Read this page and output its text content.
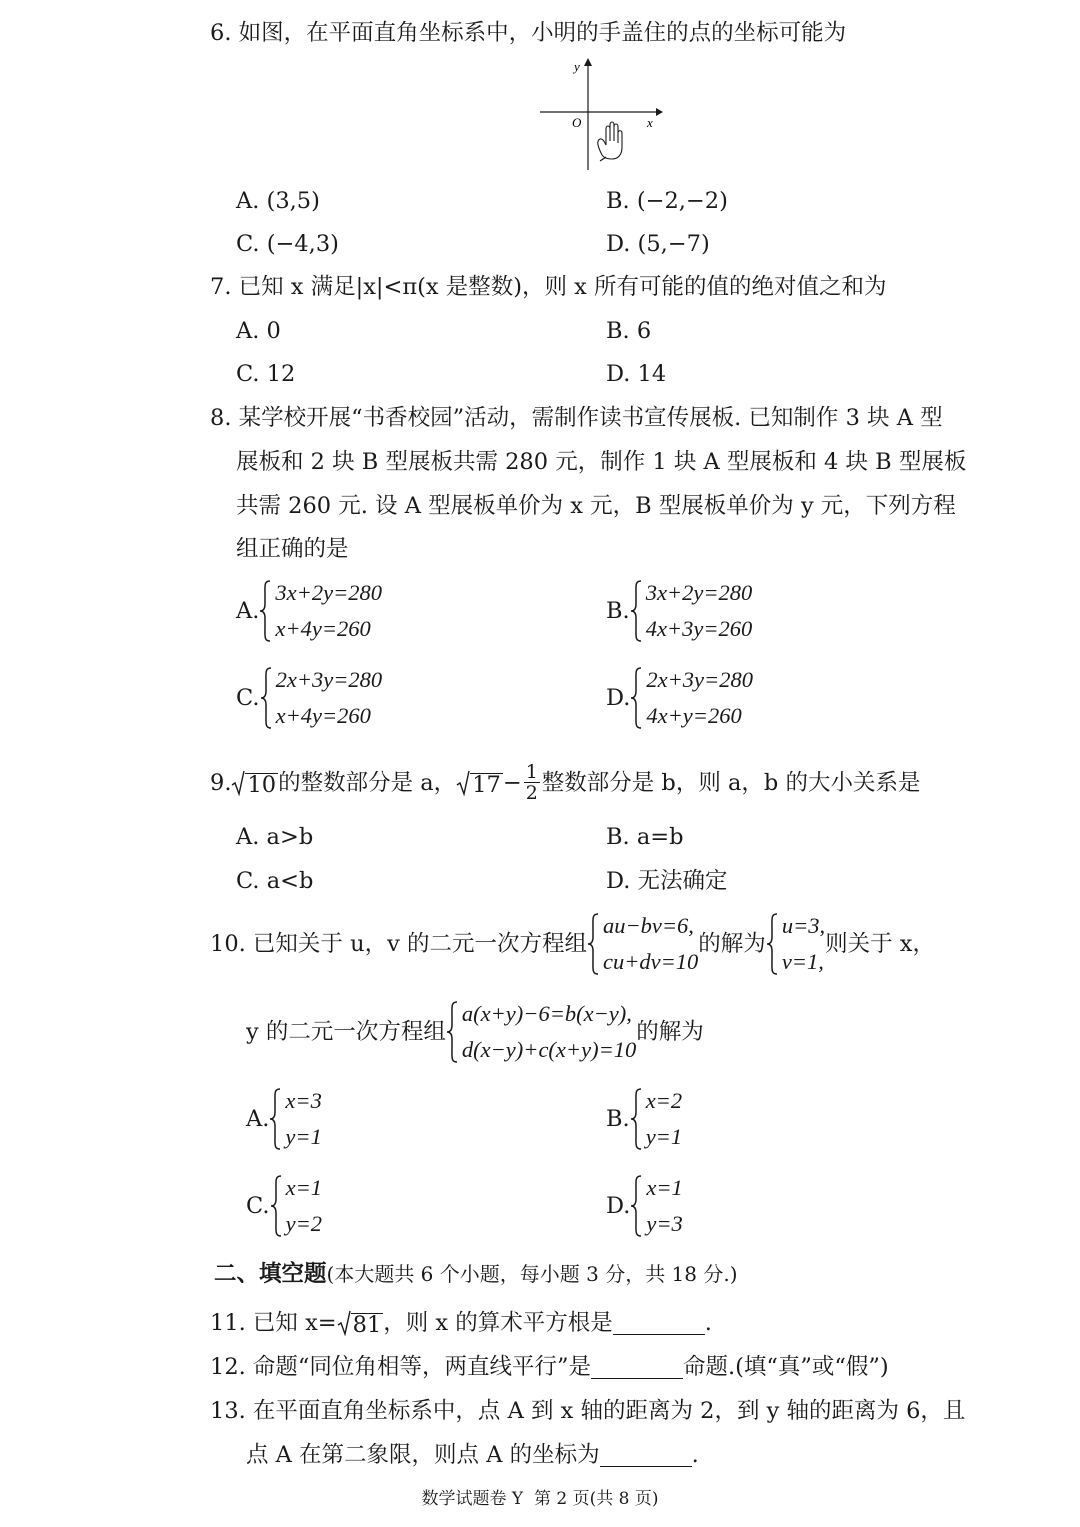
6. 如图，在平面直角坐标系中，小明的手盖住的点的坐标可能为
y
x
O
A. (3,5)	B. (−2,−2)
C. (−4,3)	D. (5,−7)
7. 已知 x 满足|x|<π(x 是整数)，则 x 所有可能的值的绝对值之和为
A. 0	B. 6
C. 12	D. 14
8. 某学校开展“书香校园”活动，需制作读书宣传展板. 已知制作 3 块 A 型
展板和 2 块 B 型展板共需 280 元，制作 1 块 A 型展板和 4 块 B 型展板
共需 260 元. 设 A 型展板单价为 x 元，B 型展板单价为 y 元，下列方程
组正确的是
A.
3x+2y=280
x+4y=260
B.
3x+2y=280
4x+3y=260
C.
2x+3y=280
x+4y=260
D.
2x+3y=280
4x+y=260
9. 10 的整数部分是 a， $17 - \frac{1}{2}$ 整数部分是 b，则 a，b 的大小关系是
A. a>b	B. a=b
C. a<b	D. 无法确定
10. 已知关于 u，v 的二元一次方程组
au−bv=6,
cu+dv=10
的解为
u=3,
v=1,
则关于 x，
y 的二元一次方程组
a(x+y)−6=b(x−y),
d(x−y)+c(x+y)=10
的解为
A.
x=3
y=1
B.
x=2
y=1
C.
x=1
y=2
D.
x=1
y=3
二、填空题(本大题共 6 个小题，每小题 3 分，共 18 分.)
11. 已知 x= 81 ，则 x 的算术平方根是	.
12. 命题“同位角相等，两直线平行”是	命题.(填“真”或“假”)
13. 在平面直角坐标系中，点 A 到 x 轴的距离为 2，到 y 轴的距离为 6，且
点 A 在第二象限，则点 A 的坐标为	.
数学试题卷 Y  第 2 页(共 8 页)
